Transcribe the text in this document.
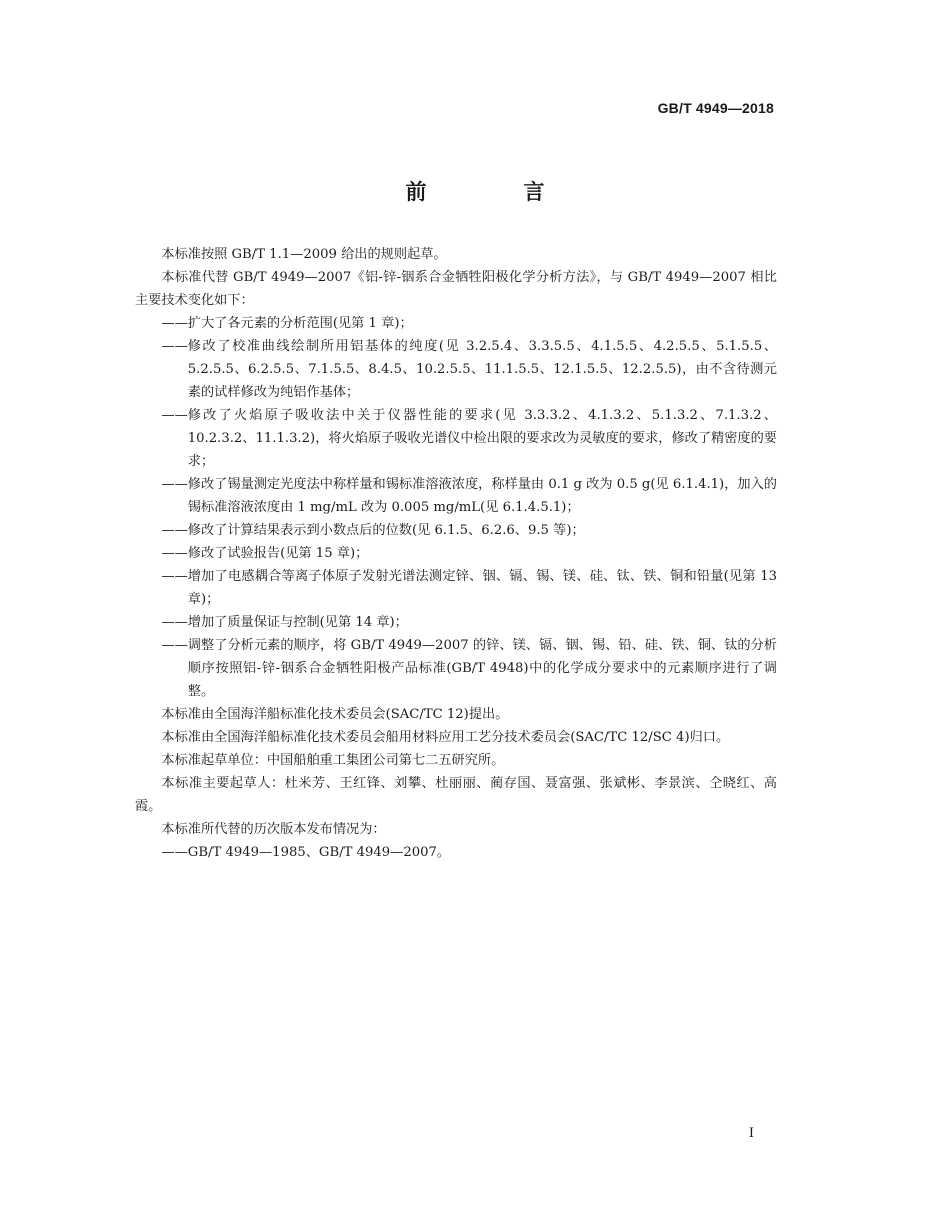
GB/T 4949—2018
前　言

本标准按照 GB/T 1.1—2009 给出的规则起草。

本标准代替 GB/T 4949—2007《铝-锌-铟系合金牺牲阳极化学分析方法》，与 GB/T 4949—2007 相比主要技术变化如下：

—— 扩大了各元素的分析范围(见第 1 章)；
—— 修改了校准曲线绘制所用铝基体的纯度(见 3.2.5.4、3.3.5.5、4.1.5.5、4.2.5.5、5.1.5.5、5.2.5.5、6.2.5.5、7.1.5.5、8.4.5、10.2.5.5、11.1.5.5、12.1.5.5、12.2.5.5)，由不含待测元素的试样修改为纯铝作基体；
—— 修改了火焰原子吸收法中关于仪器性能的要求(见 3.3.3.2、4.1.3.2、5.1.3.2、7.1.3.2、10.2.3.2、11.1.3.2)，将火焰原子吸收光谱仪中检出限的要求改为灵敏度的要求，修改了精密度的要求；
—— 修改了锡量测定光度法中称样量和锡标准溶液浓度，称样量由 0.1 g 改为 0.5 g(见 6.1.4.1)，加入的锡标准溶液浓度由 1 mg/mL 改为 0.005 mg/mL(见 6.1.4.5.1)；
—— 修改了计算结果表示到小数点后的位数(见 6.1.5、6.2.6、9.5 等)；
—— 修改了试验报告(见第 15 章)；
—— 增加了电感耦合等离子体原子发射光谱法测定锌、铟、镉、锡、镁、硅、钛、铁、铜和铅量(见第 13 章)；
—— 增加了质量保证与控制(见第 14 章)；
—— 调整了分析元素的顺序，将 GB/T 4949—2007 的锌、镁、镉、铟、锡、铅、硅、铁、铜、钛的分析顺序按照铝-锌-铟系合金牺牲阳极产品标准(GB/T 4948)中的化学成分要求中的元素顺序进行了调整。

本标准由全国海洋船标准化技术委员会(SAC/TC 12)提出。

本标准由全国海洋船标准化技术委员会船用材料应用工艺分技术委员会(SAC/TC 12/SC 4)归口。

本标准起草单位：中国船舶重工集团公司第七二五研究所。

本标准主要起草人：杜米芳、王红锋、刘攀、杜丽丽、蔺存国、聂富强、张斌彬、李景滨、仝晓红、高霞。

本标准所代替的历次版本发布情况为：

—— GB/T 4949—1985、GB/T 4949—2007。
I
